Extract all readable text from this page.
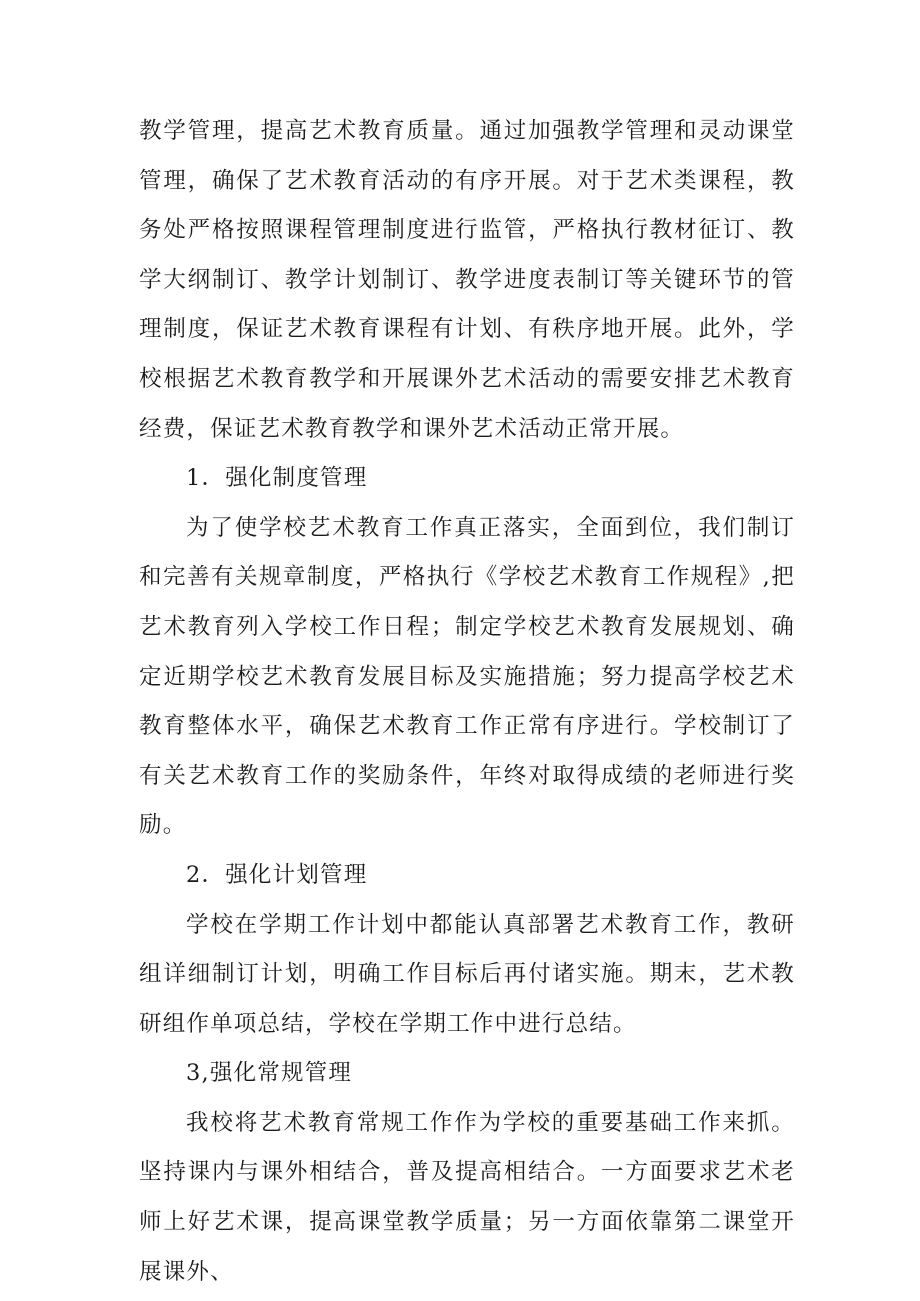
教学管理，提高艺术教育质量。通过加强教学管理和灵动课堂管理，确保了艺术教育活动的有序开展。对于艺术类课程，教务处严格按照课程管理制度进行监管，严格执行教材征订、教学大纲制订、教学计划制订、教学进度表制订等关键环节的管理制度，保证艺术教育课程有计划、有秩序地开展。此外，学校根据艺术教育教学和开展课外艺术活动的需要安排艺术教育经费，保证艺术教育教学和课外艺术活动正常开展。

1．强化制度管理

为了使学校艺术教育工作真正落实，全面到位，我们制订和完善有关规章制度，严格执行《学校艺术教育工作规程》,把艺术教育列入学校工作日程；制定学校艺术教育发展规划、确定近期学校艺术教育发展目标及实施措施；努力提高学校艺术教育整体水平，确保艺术教育工作正常有序进行。学校制订了有关艺术教育工作的奖励条件，年终对取得成绩的老师进行奖励。

2．强化计划管理

学校在学期工作计划中都能认真部署艺术教育工作，教研组详细制订计划，明确工作目标后再付诸实施。期末，艺术教研组作单项总结，学校在学期工作中进行总结。

3,强化常规管理

我校将艺术教育常规工作作为学校的重要基础工作来抓。坚持课内与课外相结合，普及提高相结合。一方面要求艺术老师上好艺术课，提高课堂教学质量；另一方面依靠第二课堂开展课外、
